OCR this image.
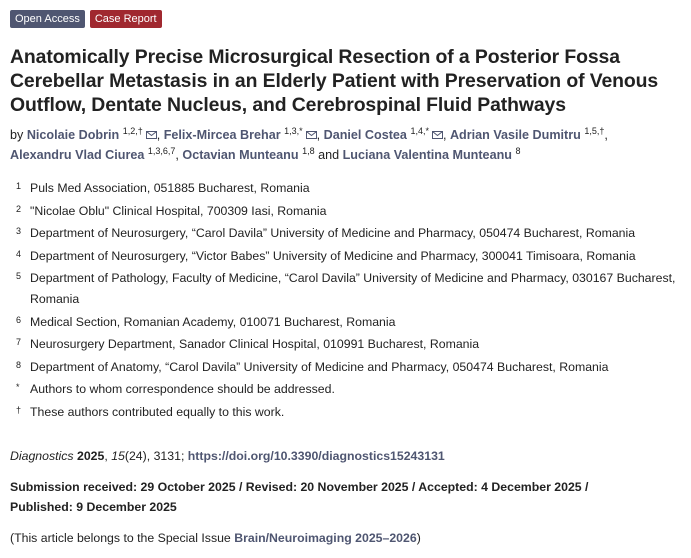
Open Access	Case Report
Anatomically Precise Microsurgical Resection of a Posterior Fossa Cerebellar Metastasis in an Elderly Patient with Preservation of Venous Outflow, Dentate Nucleus, and Cerebrospinal Fluid Pathways
by Nicolaie Dobrin $^{1,2,\dagger}$ , Felix-Mircea Brehar $^{1,3,*}$ , Daniel Costea $^{1,4,*}$ , Adrian Vasile Dumitru $^{1,5,\dagger}$,
Alexandru Vlad Ciurea $^{1,3,6,7}$, Octavian Munteanu $^{1,8}$ and Luciana Valentina Munteanu $^8$
1 Puls Med Association, 051885 Bucharest, Romania
2 "Nicolae Oblu" Clinical Hospital, 700309 Iasi, Romania
3 Department of Neurosurgery, “Carol Davila” University of Medicine and Pharmacy, 050474 Bucharest, Romania
4 Department of Neurosurgery, “Victor Babes” University of Medicine and Pharmacy, 300041 Timisoara, Romania
5 Department of Pathology, Faculty of Medicine, “Carol Davila” University of Medicine and Pharmacy, 030167 Bucharest, Romania
6 Medical Section, Romanian Academy, 010071 Bucharest, Romania
7 Neurosurgery Department, Sanador Clinical Hospital, 010991 Bucharest, Romania
8 Department of Anatomy, “Carol Davila” University of Medicine and Pharmacy, 050474 Bucharest, Romania
* Authors to whom correspondence should be addressed.
† These authors contributed equally to this work.
Diagnostics 2025, 15(24), 3131; https://doi.org/10.3390/diagnostics15243131
Submission received: 29 October 2025 / Revised: 20 November 2025 / Accepted: 4 December 2025 /
Published: 9 December 2025
(This article belongs to the Special Issue Brain/Neuroimaging 2025–2026)
